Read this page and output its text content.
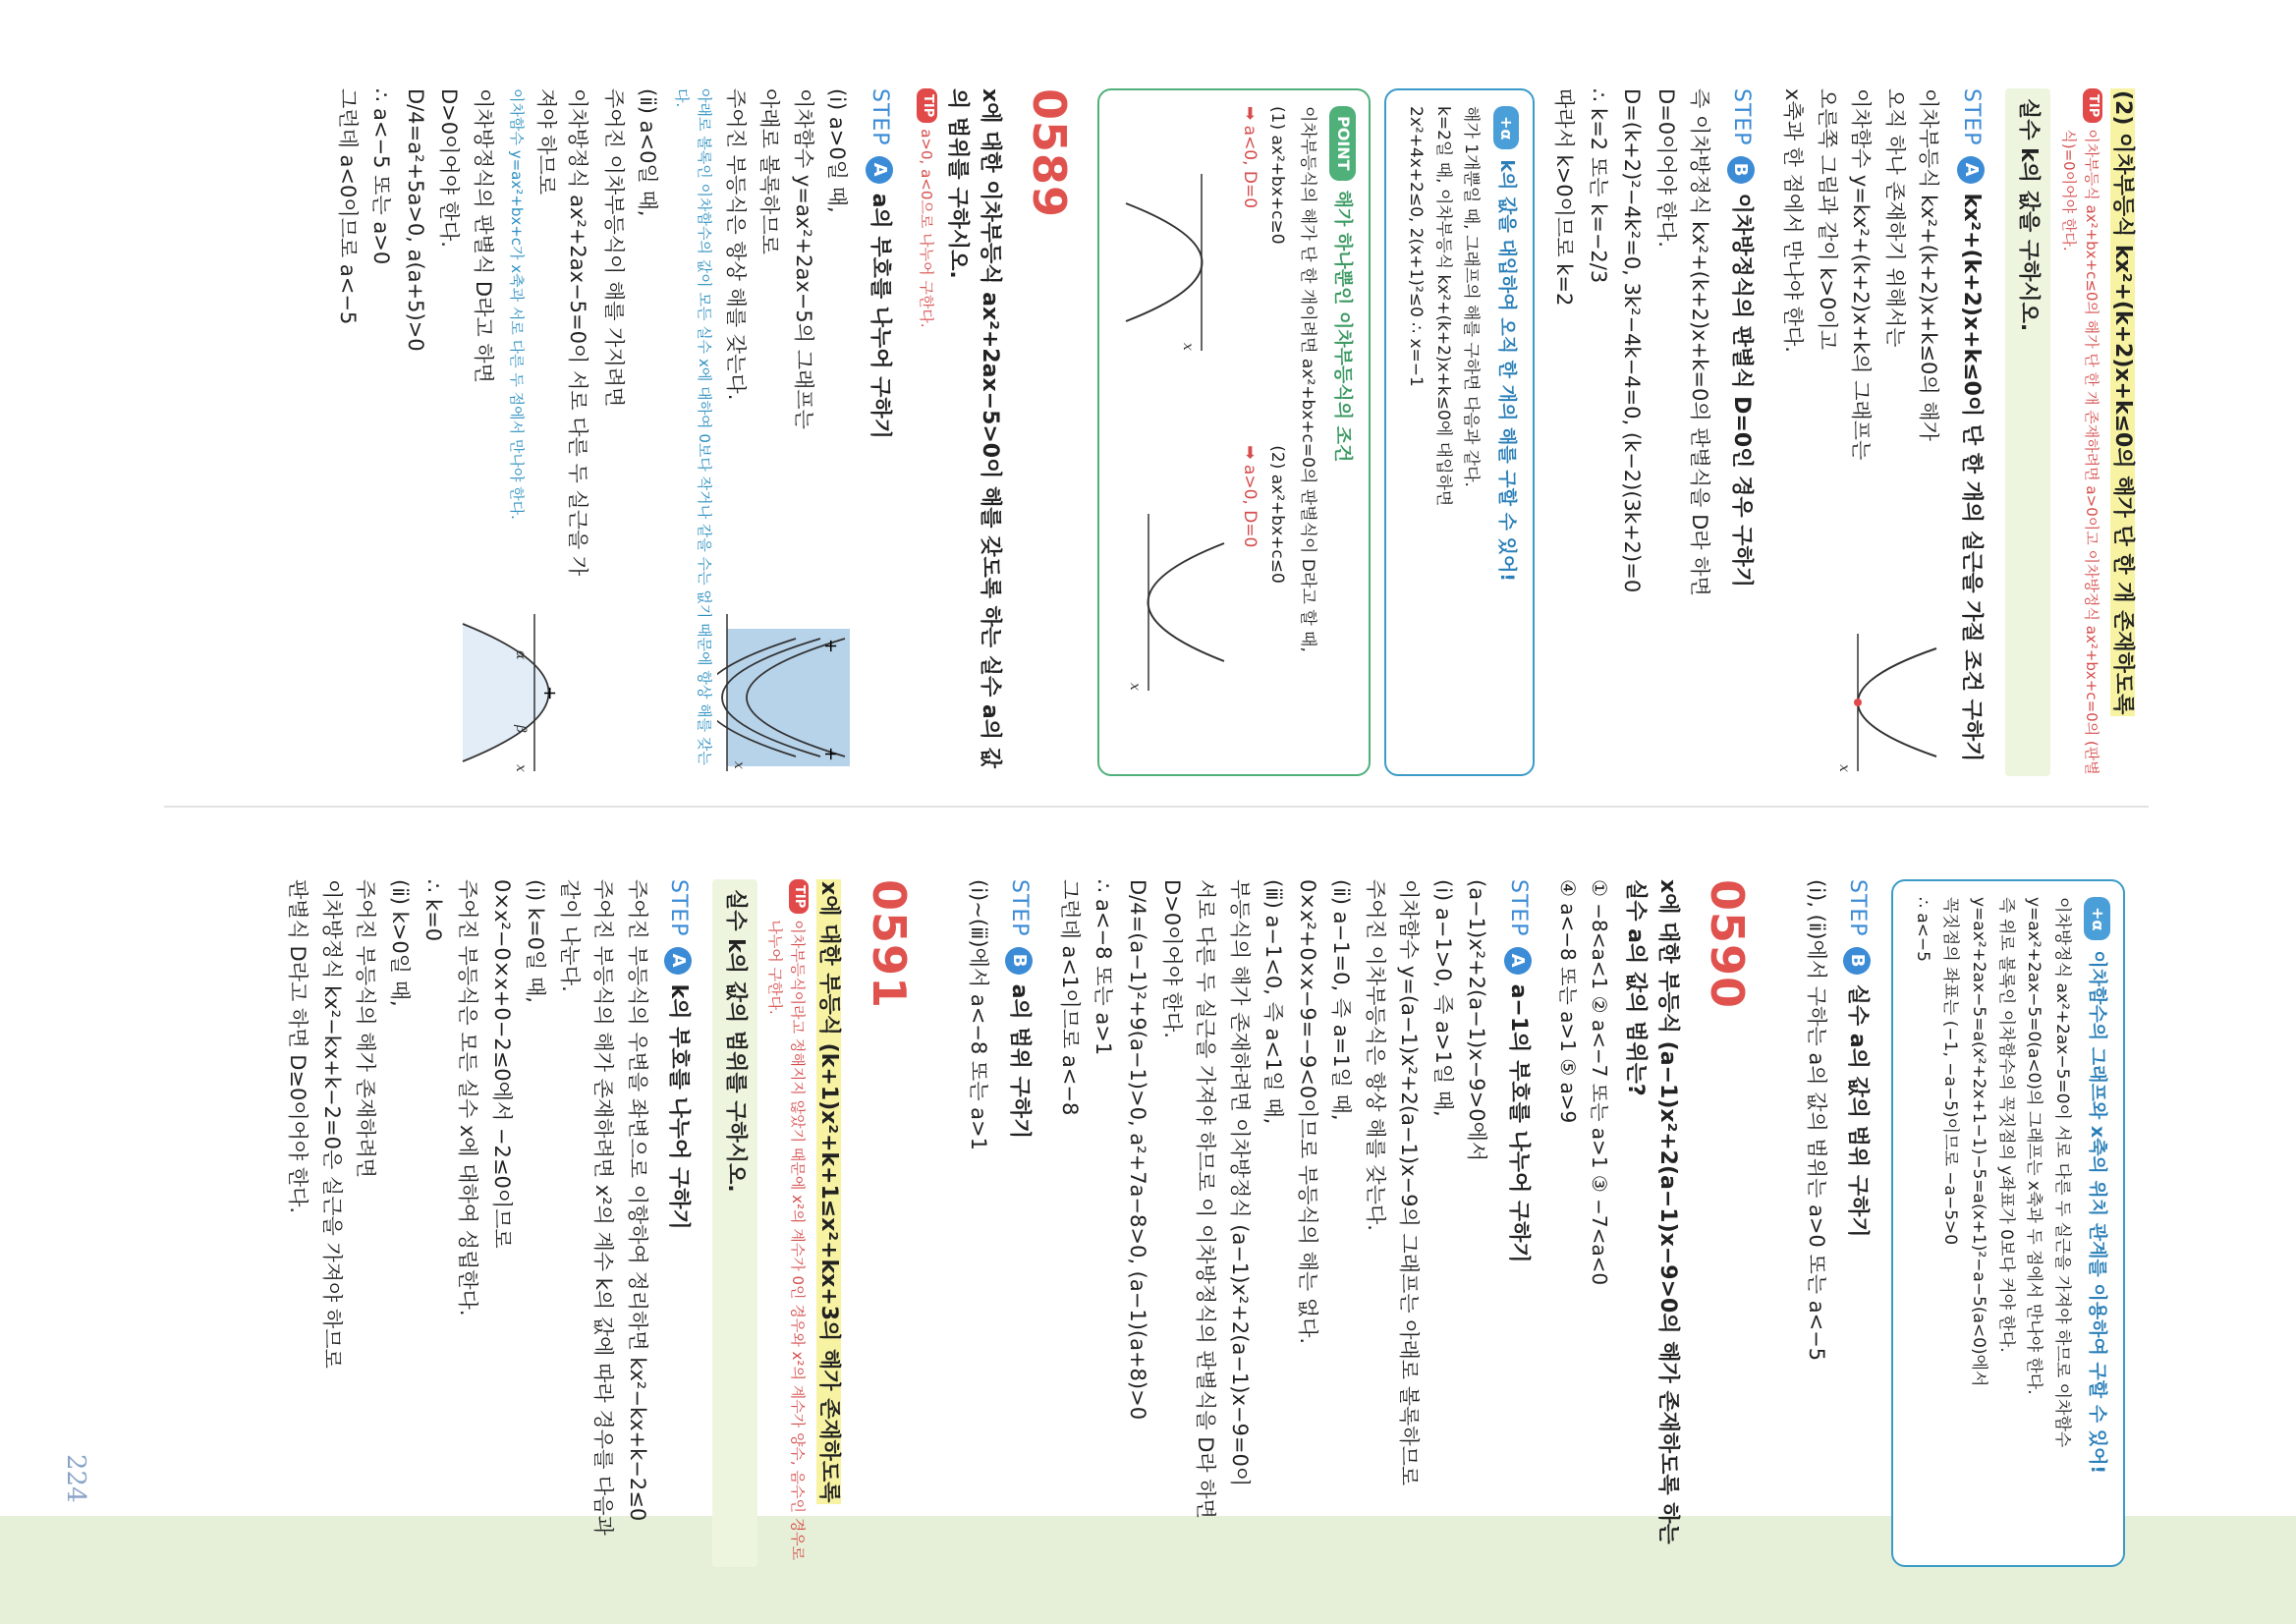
224
(2) 이차부등식 kx²+(k+2)x+k≤0의 해가 단 한 개 존재하도록
TIP
이차부등식 ax²+bx+c≤0의 해가 단 한 개 존재하려면 a>0이고 이차방정식 ax²+bx+c=0의 (판별식)=0이어야 한다.
실수 k의 값을 구하시오.
STEP
A
kx²+(k+2)x+k≤0이 단 한 개의 실근을 가질 조건 구하기
이차부등식 kx²+(k+2)x+k≤0의 해가
오직 하나 존재하기 위해서는
이차함수 y=kx²+(k+2)x+k의 그래프는
오른쪽 그림과 같이 k>0이고
x축과 한 점에서 만나야 한다.
x
STEP
B
이차방정식의 판별식 D=0인 경우 구하기
즉 이차방정식 kx²+(k+2)x+k=0의 판별식을 D라 하면
D=0이어야 한다.
D=(k+2)²−4k²=0, 3k²−4k−4=0, (k−2)(3k+2)=0
∴ k=2 또는 k=−2/3
따라서 k>0이므로 k=2
+α
k의 값을 대입하여 오직 한 개의 해를 구할 수 있어!
해가 1개뿐일 때, 그래프의 해를 구하면 다음과 같다.
k=2일 때, 이차부등식 kx²+(k+2)x+k≤0에 대입하면
2x²+4x+2≤0, 2(x+1)²≤0 ∴ x=−1
POINT
해가 하나뿐인 이차부등식의 조건
이차부등식의 해가 단 한 개이려면 ax²+bx+c=0의 판별식이 D라고 할 때,
(1) ax²+bx+c≥0
➡ a<0, D=0
x
(2) ax²+bx+c≤0
➡ a>0, D=0
x
0589
x에 대한 이차부등식 ax²+2ax−5>0이 해를 갖도록 하는 실수 a의 값의 범위를 구하시오.
TIP
a>0, a<0으로 나누어 구한다.
STEP
A
a의 부호를 나누어 구하기
(ⅰ) a>0일 때,
이차함수 y=ax²+2ax−5의 그래프는
아래로 볼록하므로
주어진 부등식은 항상 해를 갖는다.
+
+
x
아래로 볼록인 이차함수의 값이 모든 실수 x에 대하여 0보다 작거나 같을 수는 없기 때문에 항상 해를 갖는다.
(ⅱ) a<0일 때,
주어진 이차부등식이 해를 가지려면
이차방정식 ax²+2ax−5=0이 서로 다른 두 실근을 가져야 하므로
이차함수 y=ax²+bx+c가 x축과 서로 다른 두 점에서 만나야 한다.
이차방정식의 판별식 D라고 하면
D>0이어야 한다.
D/4=a²+5a>0, a(a+5)>0
∴ a<−5 또는 a>0
그런데 a<0이므로 a<−5
+
α
β
x
+α
이차함수의 그래프와 x축의 위치 관계를 이용하여 구할 수 있어!
이차방정식 ax²+2ax−5=0이 서로 다른 두 실근을 가져야 하므로 이차함수
y=ax²+2ax−5=0(a<0)의 그래프는 x축과 두 점에서 만나야 한다.
즉 위로 볼록인 이차함수의 꼭짓점의 y좌표가 0보다 커야 한다.
y=ax²+2ax−5=a(x²+2x+1−1)−5=a(x+1)²−a−5(a<0)에서
꼭짓점의 좌표는 (−1, −a−5)이므로 −a−5>0
∴ a<−5
STEP
B
실수 a의 값의 범위 구하기
(ⅰ), (ⅱ)에서 구하는 a의 값의 범위는 a>0 또는 a<−5
0590
x에 대한 부등식 (a−1)x²+2(a−1)x−9>0의 해가 존재하도록 하는 실수 a의 값의 범위는?
① −8<a<1 ② a<−7 또는 a>1 ③ −7<a<0
④ a<−8 또는 a>1 ⑤ a>9
STEP
A
a−1의 부호를 나누어 구하기
(a−1)x²+2(a−1)x−9>0에서
(ⅰ) a−1>0, 즉 a>1일 때,
이차함수 y=(a−1)x²+2(a−1)x−9의 그래프는 아래로 볼록하므로
주어진 이차부등식은 항상 해를 갖는다.
(ⅱ) a−1=0, 즉 a=1일 때,
0×x²+0×x−9=−9<0이므로 부등식의 해는 없다.
(ⅲ) a−1<0, 즉 a<1일 때,
부등식의 해가 존재하려면 이차방정식 (a−1)x²+2(a−1)x−9=0이
서로 다른 두 실근을 가져야 하므로 이 이차방정식의 판별식을 D라 하면
D>0이어야 한다.
D/4=(a−1)²+9(a−1)>0, a²+7a−8>0, (a−1)(a+8)>0
∴ a<−8 또는 a>1
그런데 a<1이므로 a<−8
STEP
B
a의 범위 구하기
(ⅰ)~(ⅲ)에서 a<−8 또는 a>1
0591
x에 대한 부등식 (k+1)x²+k+1≤x²+kx+3의 해가 존재하도록
TIP
이차부등식이라고 정해지지 않았기 때문에 x²의 계수가 0인 경우와 x²의 계수가 양수, 음수인 경우로 나누어 구한다.
실수 k의 값의 범위를 구하시오.
STEP
A
k의 부호를 나누어 구하기
주어진 부등식의 우변을 좌변으로 이항하여 정리하면 kx²−kx+k−2≤0
주어진 부등식의 해가 존재하려면 x²의 계수 k의 값에 따라 경우를 다음과
같이 나눈다.
(ⅰ) k=0일 때,
0×x²−0×x+0−2≤0에서 −2≤0이므로
주어진 부등식은 모든 실수 x에 대하여 성립한다.
∴ k=0
(ⅱ) k>0일 때,
주어진 부등식의 해가 존재하려면
이차방정식 kx²−kx+k−2=0은 실근을 가져야 하므로
판별식 D라고 하면 D≥0이어야 한다.
